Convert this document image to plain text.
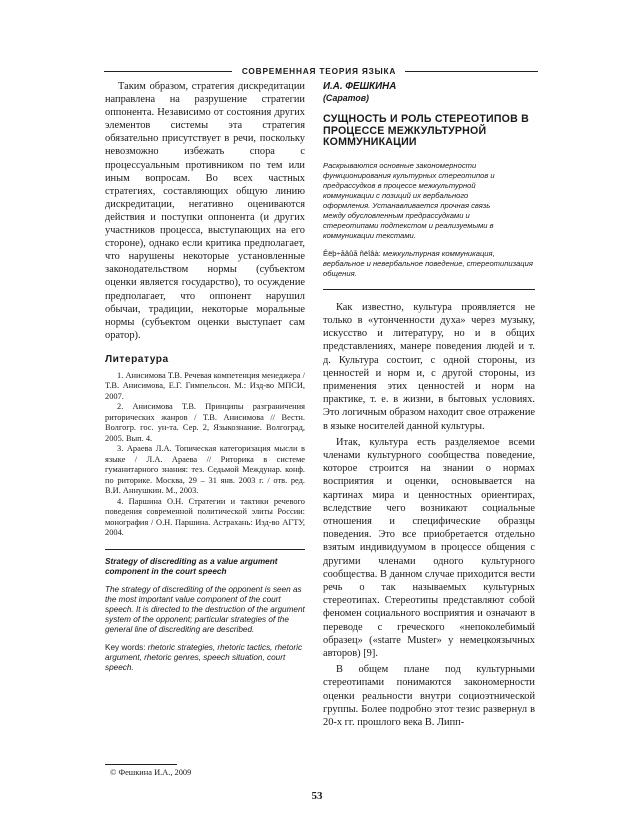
СОВРЕМЕННАЯ ТЕОРИЯ ЯЗЫКА

Таким образом, стратегия дискредитации направлена на разрушение стратегии оппонента. Независимо от состояния других элементов системы эта стратегия обязательно присутствует в речи, поскольку невозможно избежать спора с процессуальным противником по тем или иным вопросам. Во всех частных стратегиях, составляющих общую линию дискредитации, негативно оцениваются действия и поступки оппонента (и других участников процесса, выступающих на его стороне), однако если критика предполагает, что нарушены некоторые установленные законодательством нормы (субъектом оценки является государство), то осуждение предполагает, что оппонент нарушил обычаи, традиции, некоторые моральные нормы (субъектом оценки выступает сам оратор).

Литература

1. Анисимова Т.В. Речевая компетенция менеджера / Т.В. Анисимова, Е.Г. Гимпельсон. М.: Изд-во МПСИ, 2007.

2. Анисимова Т.В. Принципы разграничения риторических жанров / Т.В. Анисимова // Вестн. Волгогр. гос. ун-та. Сер. 2, Языкознание. Волгоград, 2005. Вып. 4.

3. Араева Л.А. Топическая категоризация мысли в языке / Л.А. Араева // Риторика в системе гуманитарного знания: тез. Седьмой Междунар. конф. по риторике. Москва, 29 – 31 янв. 2003 г. / отв. ред. В.И. Аннушкин. М., 2003.

4. Паршина О.Н. Стратегии и тактики речевого поведения современной политической элиты России: монография / О.Н. Паршина. Астрахань: Изд-во АГТУ, 2004.

Strategy of discrediting as a value argument component in the court speech

The strategy of discrediting of the opponent is seen as the most important value component of the court speech. It is directed to the destruction of the argument system of the opponent; particular strategies of the general line of discrediting are described.

Key words: rhetoric strategies, rhetoric tactics, rhetoric argument, rhetoric genres, speech situation, court speech.

И.А. ФЕШКИНА

(Саратов)

СУЩНОСТЬ И РОЛЬ СТЕРЕОТИПОВ В ПРОЦЕССЕ МЕЖКУЛЬТУРНОЙ КОММУНИКАЦИИ

Раскрываются основные закономерности функционирования культурных стереотипов и предрассудков в процессе межкультурной коммуникации с позиций их вербального оформления. Устанавливается прочная связь между обусловленным предрассудками и стереотипами подтекстом и реализуемыми в коммуникации текстами.

Êëþ÷åâûå ñëîâà: межкультурная коммуникация, вербальное и невербальное поведение, стереотипизация общения.

Как известно, культура проявляется не только в «утонченности духа» через музыку, искусство и литературу, но и в общих представлениях, манере поведения людей и т. д. Культура состоит, с одной стороны, из ценностей и норм и, с другой стороны, из применения этих ценностей и норм на практике, т. е. в жизни, в бытовых условиях. Это логичным образом находит свое отражение в языке носителей данной культуры.

Итак, культура есть разделяемое всеми членами культурного сообщества поведение, которое строится на знании о нормах восприятия и оценки, основывается на картинах мира и ценностных ориентирах, вследствие чего возникают социальные отношения и специфические образцы поведения. Это все приобретается отдельно взятым индивидуумом в процессе общения с другими членами одного культурного сообщества. В данном случае приходится вести речь о так называемых культурных стереотипах. Стереотипы представляют собой феномен социального восприятия и означают в переводе с греческого «непоколебимый образец» («starre Muster» у немецкоязычных авторов) [9].

В общем плане под культурными стереотипами понимаются закономерности оценки реальности внутри социоэтнической группы. Более подробно этот тезис развернул в 20-х гг. прошлого века В. Липп-

© Фешкина И.А., 2009
53
